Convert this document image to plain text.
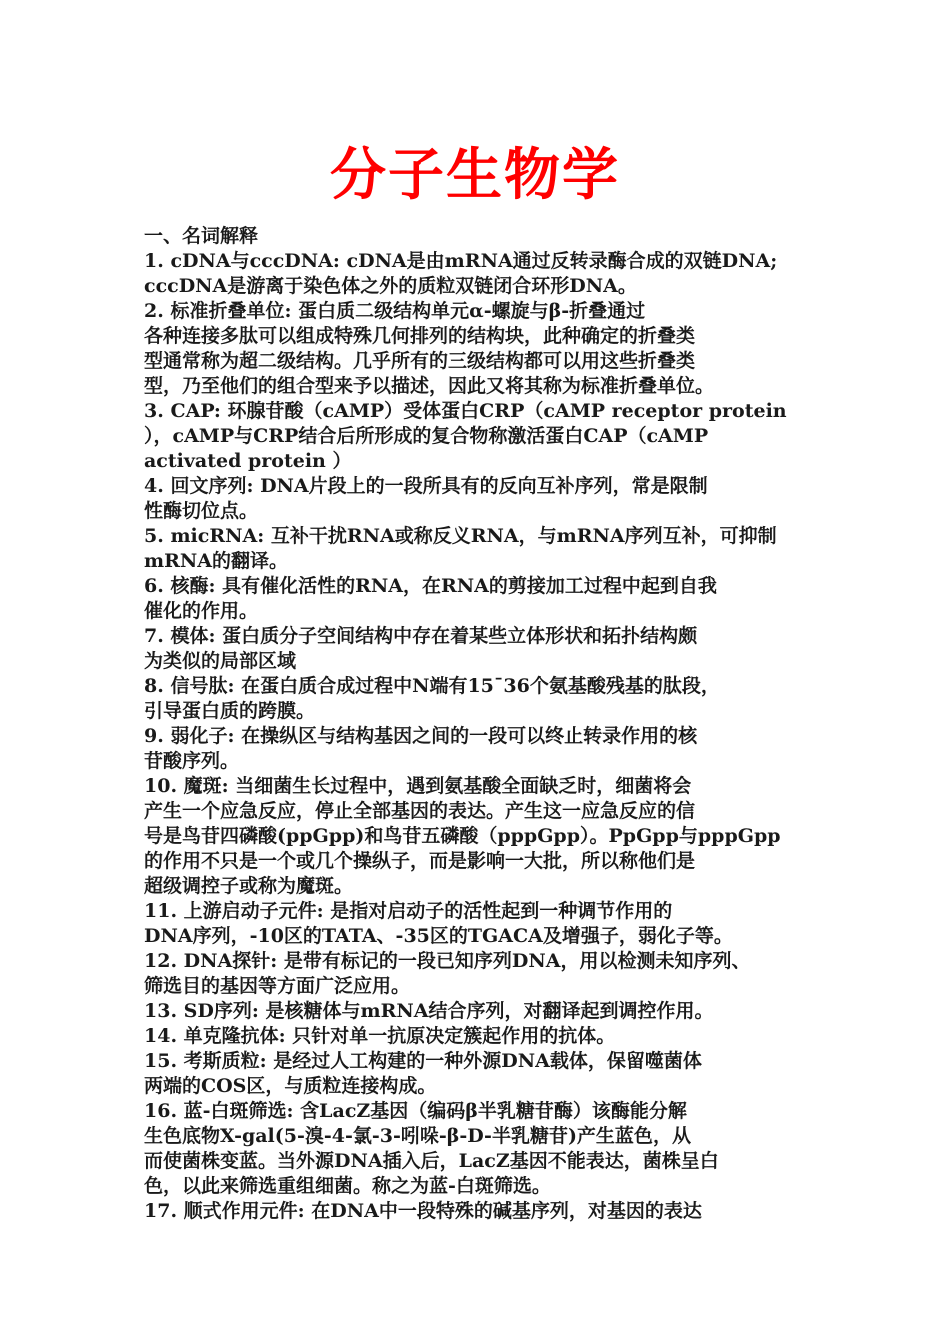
分子生物学
一、名词解释
1. cDNA与cccDNA: cDNA是由mRNA通过反转录酶合成的双链DNA;
cccDNA是游离于染色体之外的质粒双链闭合环形DNA。
2. 标准折叠单位: 蛋白质二级结构单元α-螺旋与β-折叠通过
各种连接多肽可以组成特殊几何排列的结构块，此种确定的折叠类
型通常称为超二级结构。几乎所有的三级结构都可以用这些折叠类
型，乃至他们的组合型来予以描述，因此又将其称为标准折叠单位。
3. CAP: 环腺苷酸（cAMP）受体蛋白CRP（cAMP receptor protein
），cAMP与CRP结合后所形成的复合物称激活蛋白CAP（cAMP
activated protein ）
4. 回文序列: DNA片段上的一段所具有的反向互补序列，常是限制
性酶切位点。
5. micRNA: 互补干扰RNA或称反义RNA，与mRNA序列互补，可抑制
mRNA的翻译。
6. 核酶: 具有催化活性的RNA，在RNA的剪接加工过程中起到自我
催化的作用。
7. 模体: 蛋白质分子空间结构中存在着某些立体形状和拓扑结构颇
为类似的局部区域
8. 信号肽: 在蛋白质合成过程中N端有15¯36个氨基酸残基的肽段，
引导蛋白质的跨膜。
9. 弱化子: 在操纵区与结构基因之间的一段可以终止转录作用的核
苷酸序列。
10. 魔斑: 当细菌生长过程中，遇到氨基酸全面缺乏时，细菌将会
产生一个应急反应，停止全部基因的表达。产生这一应急反应的信
号是鸟苷四磷酸(ppGpp)和鸟苷五磷酸（pppGpp）。PpGpp与pppGpp
的作用不只是一个或几个操纵子，而是影响一大批，所以称他们是
超级调控子或称为魔斑。
11. 上游启动子元件: 是指对启动子的活性起到一种调节作用的
DNA序列，-10区的TATA、-35区的TGACA及增强子，弱化子等。
12. DNA探针: 是带有标记的一段已知序列DNA，用以检测未知序列、
筛选目的基因等方面广泛应用。
13. SD序列: 是核糖体与mRNA结合序列，对翻译起到调控作用。
14. 单克隆抗体: 只针对单一抗原决定簇起作用的抗体。
15. 考斯质粒: 是经过人工构建的一种外源DNA载体，保留噬菌体
两端的COS区，与质粒连接构成。
16. 蓝-白斑筛选: 含LacZ基因（编码β半乳糖苷酶）该酶能分解
生色底物X-gal(5-溴-4-氯-3-吲哚-β-D-半乳糖苷)产生蓝色，从
而使菌株变蓝。当外源DNA插入后，LacZ基因不能表达，菌株呈白
色，以此来筛选重组细菌。称之为蓝-白斑筛选。
17. 顺式作用元件: 在DNA中一段特殊的碱基序列，对基因的表达
